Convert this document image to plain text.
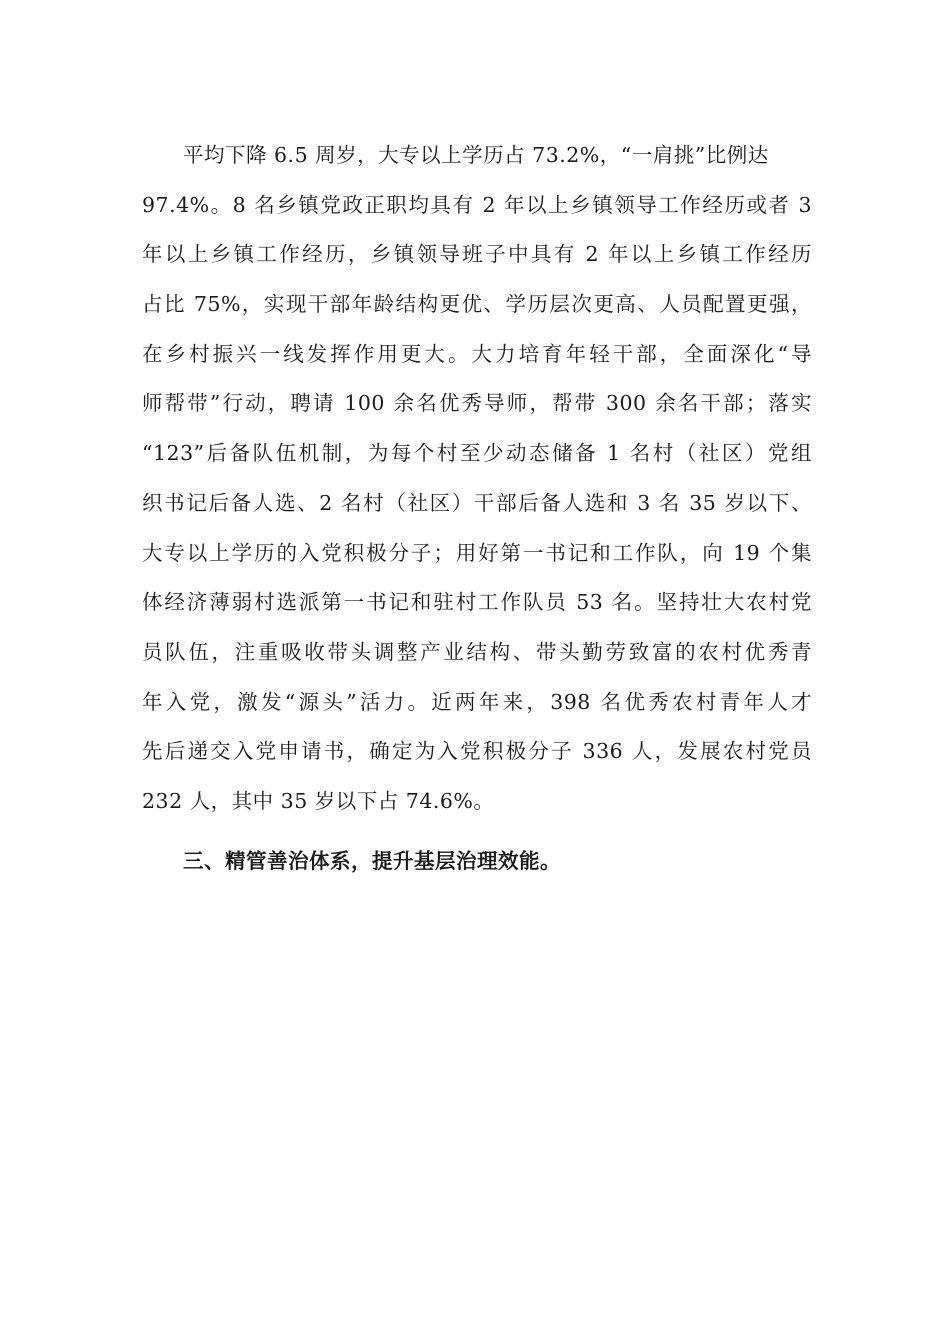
平均下降 6.5 周岁，大专以上学历占 73.2%，“一肩挑”比例达
97.4%。8 名乡镇党政正职均具有 2 年以上乡镇领导工作经历或者 3
年以上乡镇工作经历，乡镇领导班子中具有 2 年以上乡镇工作经历
占比 75%，实现干部年龄结构更优、学历层次更高、人员配置更强，
在乡村振兴一线发挥作用更大。大力培育年轻干部，全面深化“导
师帮带”行动，聘请 100 余名优秀导师，帮带 300 余名干部；落实
“123”后备队伍机制，为每个村至少动态储备 1 名村（社区）党组
织书记后备人选、2 名村（社区）干部后备人选和 3 名 35 岁以下、
大专以上学历的入党积极分子；用好第一书记和工作队，向 19 个集
体经济薄弱村选派第一书记和驻村工作队员 53 名。坚持壮大农村党
员队伍，注重吸收带头调整产业结构、带头勤劳致富的农村优秀青
年入党，激发“源头”活力。近两年来，398 名优秀农村青年人才
先后递交入党申请书，确定为入党积极分子 336 人，发展农村党员
232 人，其中 35 岁以下占 74.6%。
三、精管善治体系，提升基层治理效能。
